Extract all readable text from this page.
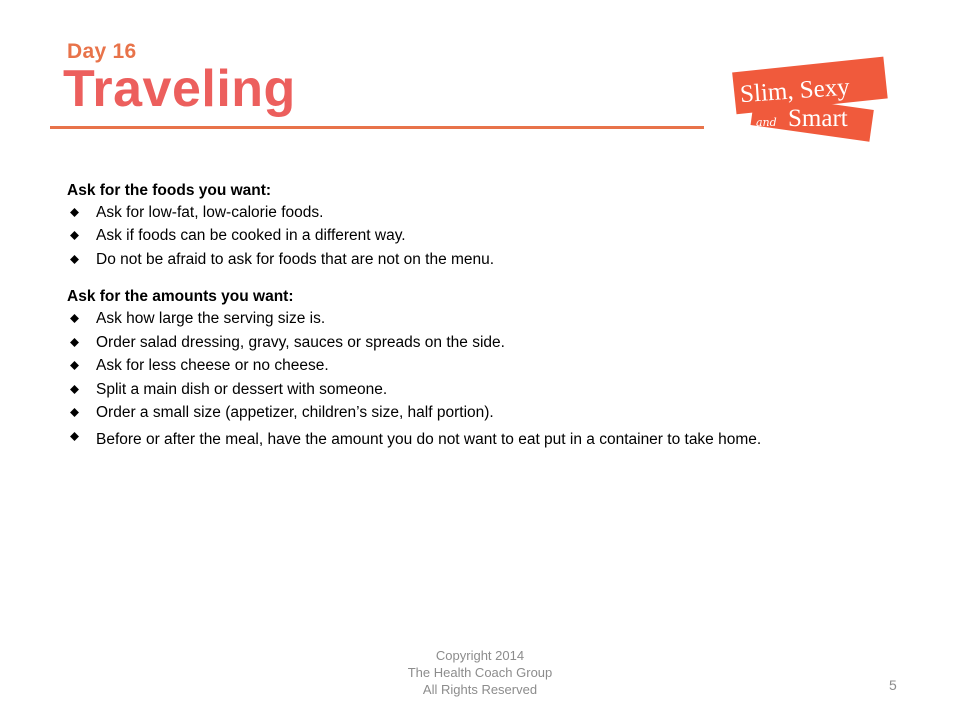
Day 16
Traveling	Slim, Sexy
and Smart
Ask for the foods you want:
Ask for low-fat, low-calorie foods.
Ask if foods can be cooked in a different way.
Do not be afraid to ask for foods that are not on the menu.
Ask for the amounts you want:
Ask how large the serving size is.
Order salad dressing, gravy, sauces or spreads on the side.
Ask for less cheese or no cheese.
Split a main dish or dessert with someone.
Order a small size (appetizer, children’s size, half portion).
Before or after the meal, have the amount you do not want to eat put in a container to take home.
Copyright 2014
The Health Coach Group
All Rights Reserved	5
